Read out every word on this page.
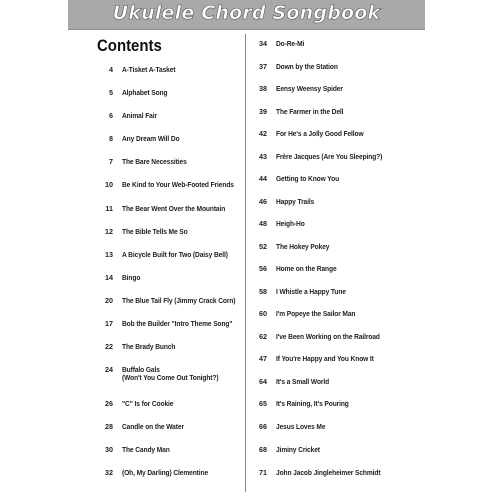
Ukulele Chord Songbook
Contents
4 A-Tisket A-Tasket
5 Alphabet Song
6 Animal Fair
8 Any Dream Will Do
7 The Bare Necessities
10 Be Kind to Your Web-Footed Friends
11 The Bear Went Over the Mountain
12 The Bible Tells Me So
13 A Bicycle Built for Two (Daisy Bell)
14 Bingo
20 The Blue Tail Fly (Jimmy Crack Corn)
17 Bob the Builder "Intro Theme Song"
22 The Brady Bunch
24 Buffalo Gals
(Won't You Come Out Tonight?)
26 "C" Is for Cookie
28 Candle on the Water
30 The Candy Man
32 (Oh, My Darling) Clementine
34 Do-Re-Mi
37 Down by the Station
38 Eensy Weensy Spider
39 The Farmer in the Dell
42 For He's a Jolly Good Fellow
43 Frère Jacques (Are You Sleeping?)
44 Getting to Know You
46 Happy Trails
48 Heigh-Ho
52 The Hokey Pokey
56 Home on the Range
58 I Whistle a Happy Tune
60 I'm Popeye the Sailor Man
62 I've Been Working on the Railroad
47 If You're Happy and You Know It
64 It's a Small World
65 It's Raining, It's Pouring
66 Jesus Loves Me
68 Jiminy Cricket
71 John Jacob Jingleheimer Schmidt
